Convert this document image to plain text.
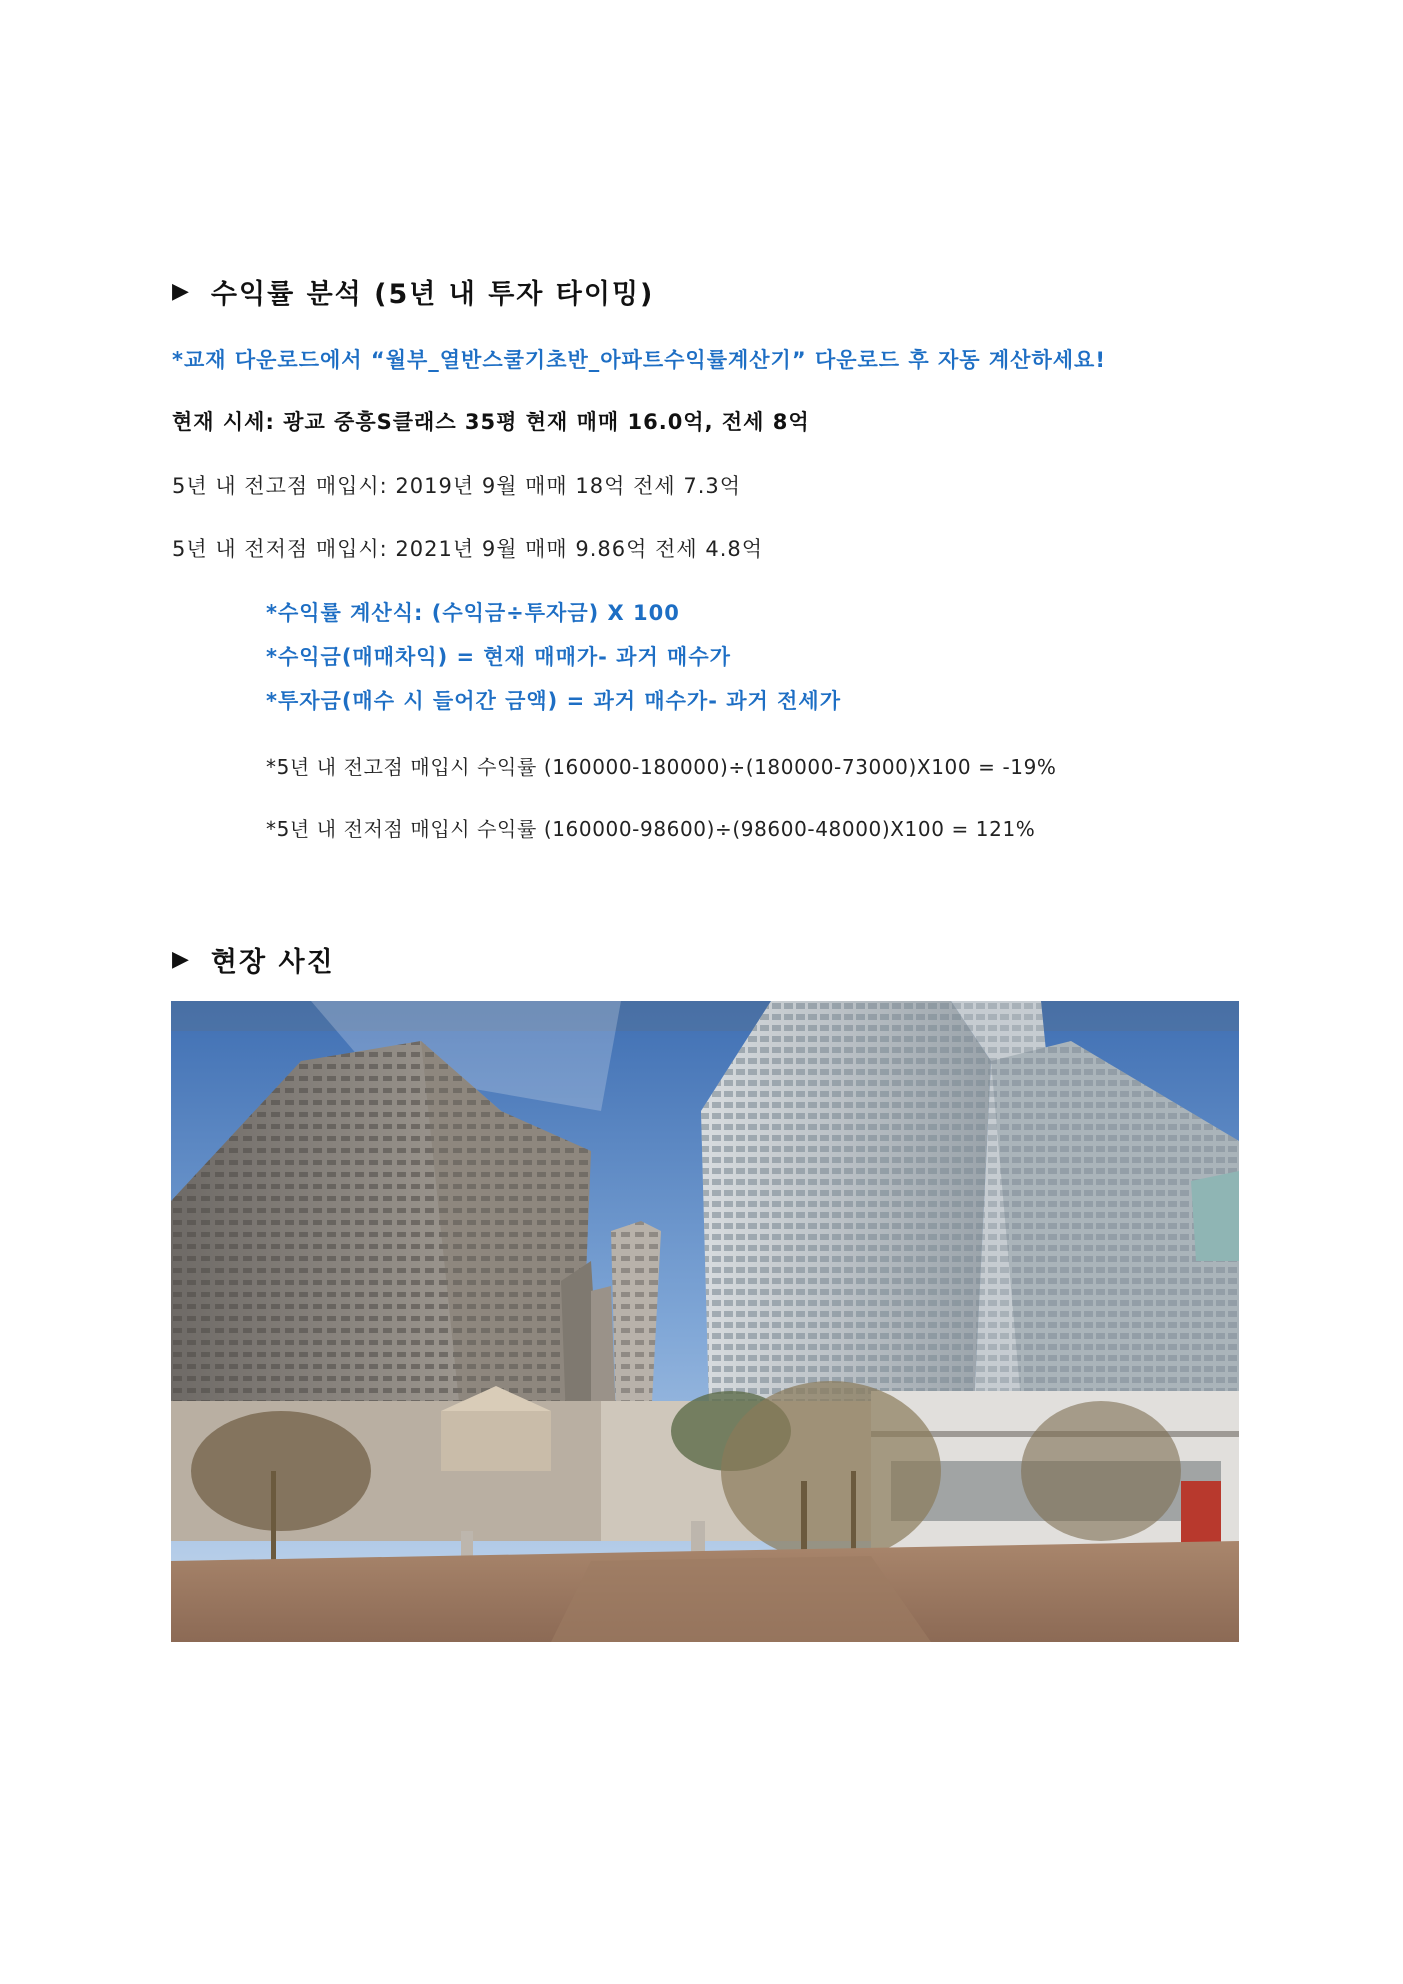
▶ 수익률 분석 (5년 내 투자 타이밍)
*교재 다운로드에서 “월부_열반스쿨기초반_아파트수익률계산기” 다운로드 후 자동 계산하세요!
현재 시세: 광교 중흥S클래스 35평 현재 매매 16.0억, 전세 8억
5년 내 전고점 매입시: 2019년 9월 매매 18억 전세 7.3억
5년 내 전저점 매입시: 2021년 9월 매매 9.86억 전세 4.8억
*수익률 계산식: (수익금÷투자금) X 100
*수익금(매매차익) = 현재 매매가- 과거 매수가
*투자금(매수 시 들어간 금액) = 과거 매수가- 과거 전세가
*5년 내 전고점 매입시 수익률 (160000-180000)÷(180000-73000)X100 = -19%
*5년 내 전저점 매입시 수익률 (160000-98600)÷(98600-48000)X100 = 121%
▶ 현장 사진
